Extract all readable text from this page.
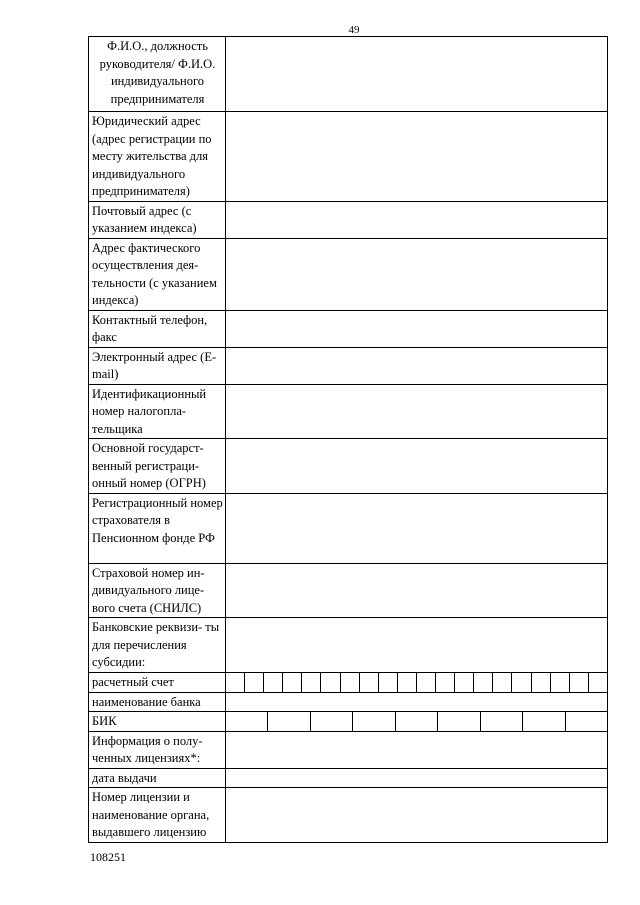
49
Ф.И.О., должность руководителя/ Ф.И.О. индивидуального предпринимателя	
Юридический адрес (адрес регистрации по месту жительства для индивидуального предпринимателя)	
Почтовый адрес (с указанием индекса)	
Адрес фактического осуществления дея- тельности (с указанием индекса)	
Контактный телефон, факс	
Электронный адрес (E-mail)	
Идентификационный номер налогопла- тельщика	
Основной государст- венный регистраци- онный номер (ОГРН)	
Регистрационный номер страхователя в Пенсионном фонде РФ	
Страховой номер ин- дивидуального лице- вого счета (СНИЛС)	
Банковские реквизи- ты для перечисления субсидии:	
расчетный счет	

наименование банка	
БИК	

Информация о полу- ченных лицензиях*:	
дата выдачи	
Номер лицензии и наименование органа, выдавшего лицензию	
108251
